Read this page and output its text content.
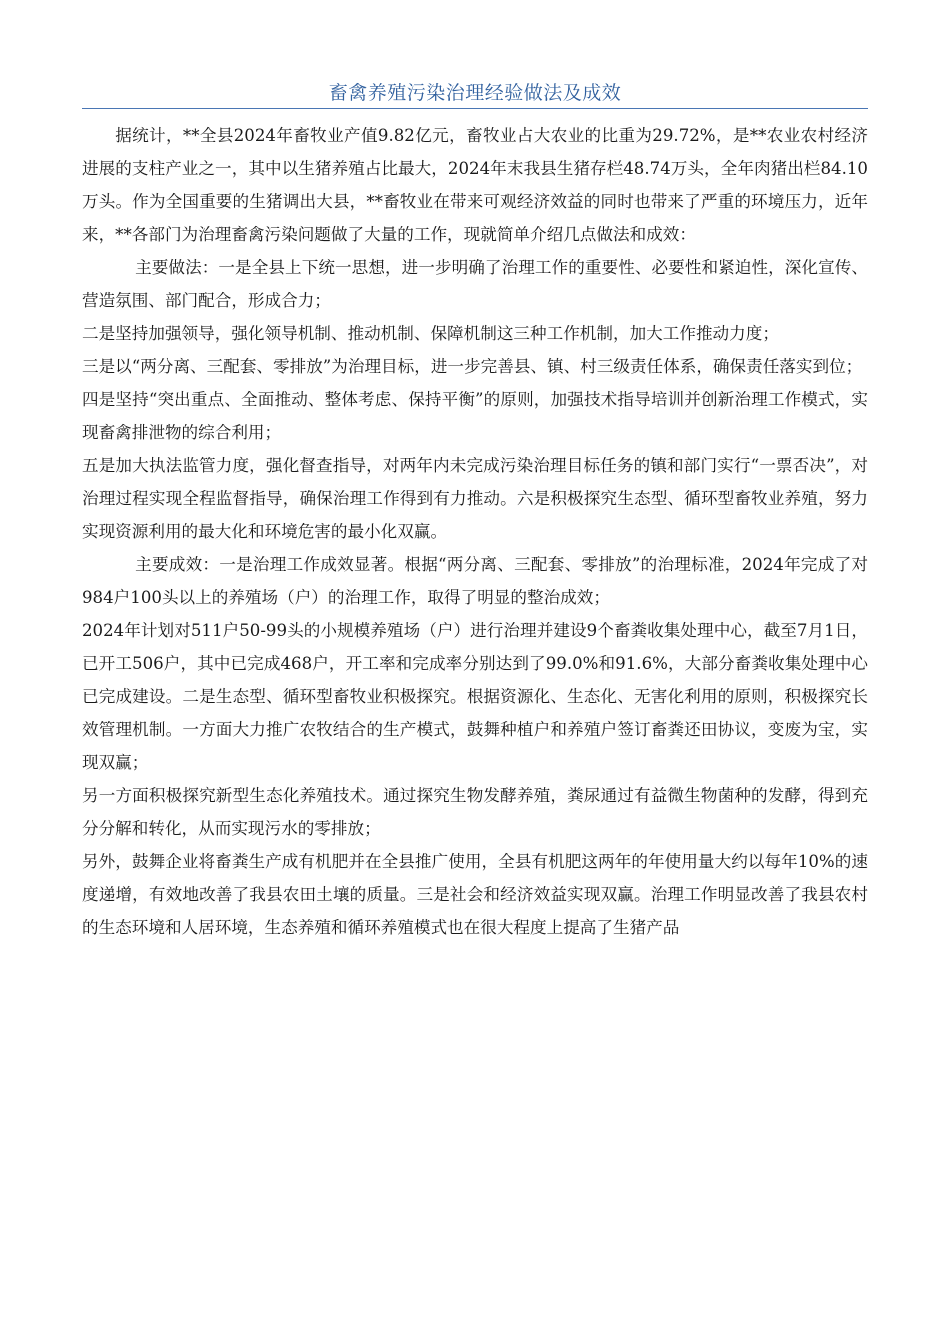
畜禽养殖污染治理经验做法及成效

据统计，**全县2024年畜牧业产值9.82亿元，畜牧业占大农业的比重为29.72%，是**农业农村经济进展的支柱产业之一，其中以生猪养殖占比最大，2024年末我县生猪存栏48.74万头，全年肉猪出栏84.10万头。作为全国重要的生猪调出大县，**畜牧业在带来可观经济效益的同时也带来了严重的环境压力，近年来，**各部门为治理畜禽污染问题做了大量的工作，现就简单介绍几点做法和成效：

主要做法：一是全县上下统一思想，进一步明确了治理工作的重要性、必要性和紧迫性，深化宣传、营造氛围、部门配合，形成合力；

二是坚持加强领导，强化领导机制、推动机制、保障机制这三种工作机制，加大工作推动力度；

三是以“两分离、三配套、零排放”为治理目标，进一步完善县、镇、村三级责任体系，确保责任落实到位；

四是坚持“突出重点、全面推动、整体考虑、保持平衡”的原则，加强技术指导培训并创新治理工作模式，实现畜禽排泄物的综合利用；

五是加大执法监管力度，强化督查指导，对两年内未完成污染治理目标任务的镇和部门实行“一票否决”，对治理过程实现全程监督指导，确保治理工作得到有力推动。六是积极探究生态型、循环型畜牧业养殖，努力实现资源利用的最大化和环境危害的最小化双赢。

主要成效：一是治理工作成效显著。根据“两分离、三配套、零排放”的治理标准，2024年完成了对984户100头以上的养殖场（户）的治理工作，取得了明显的整治成效；

2024年计划对511户50-99头的小规模养殖场（户）进行治理并建设9个畜粪收集处理中心，截至7月1日，已开工506户，其中已完成468户，开工率和完成率分别达到了99.0%和91.6%，大部分畜粪收集处理中心已完成建设。二是生态型、循环型畜牧业积极探究。根据资源化、生态化、无害化利用的原则，积极探究长效管理机制。一方面大力推广农牧结合的生产模式，鼓舞种植户和养殖户签订畜粪还田协议，变废为宝，实现双赢；

另一方面积极探究新型生态化养殖技术。通过探究生物发酵养殖，粪尿通过有益微生物菌种的发酵，得到充分分解和转化，从而实现污水的零排放；

另外，鼓舞企业将畜粪生产成有机肥并在全县推广使用，全县有机肥这两年的年使用量大约以每年10%的速度递增，有效地改善了我县农田土壤的质量。三是社会和经济效益实现双赢。治理工作明显改善了我县农村的生态环境和人居环境，生态养殖和循环养殖模式也在很大程度上提高了生猪产品
